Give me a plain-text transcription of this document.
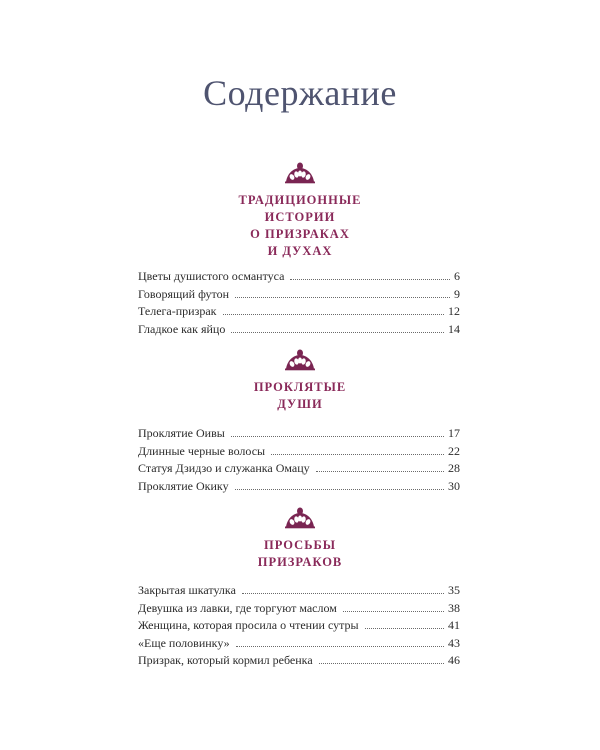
Содержание
ТРАДИЦИОННЫЕ
ИСТОРИИ
О ПРИЗРАКАХ
И ДУХАХ
Цветы душистого османтуса	6
Говорящий футон	9
Телега-призрак	12
Гладкое как яйцо	14
ПРОКЛЯТЫЕ
ДУШИ
Проклятие Оивы	17
Длинные черные волосы	22
Статуя Дзидзо и служанка Омацу	28
Проклятие Окику	30
ПРОСЬБЫ
ПРИЗРАКОВ
Закрытая шкатулка	35
Девушка из лавки, где торгуют маслом	38
Женщина, которая просила о чтении сутры	41
«Еще половинку»	43
Призрак, который кормил ребенка	46
